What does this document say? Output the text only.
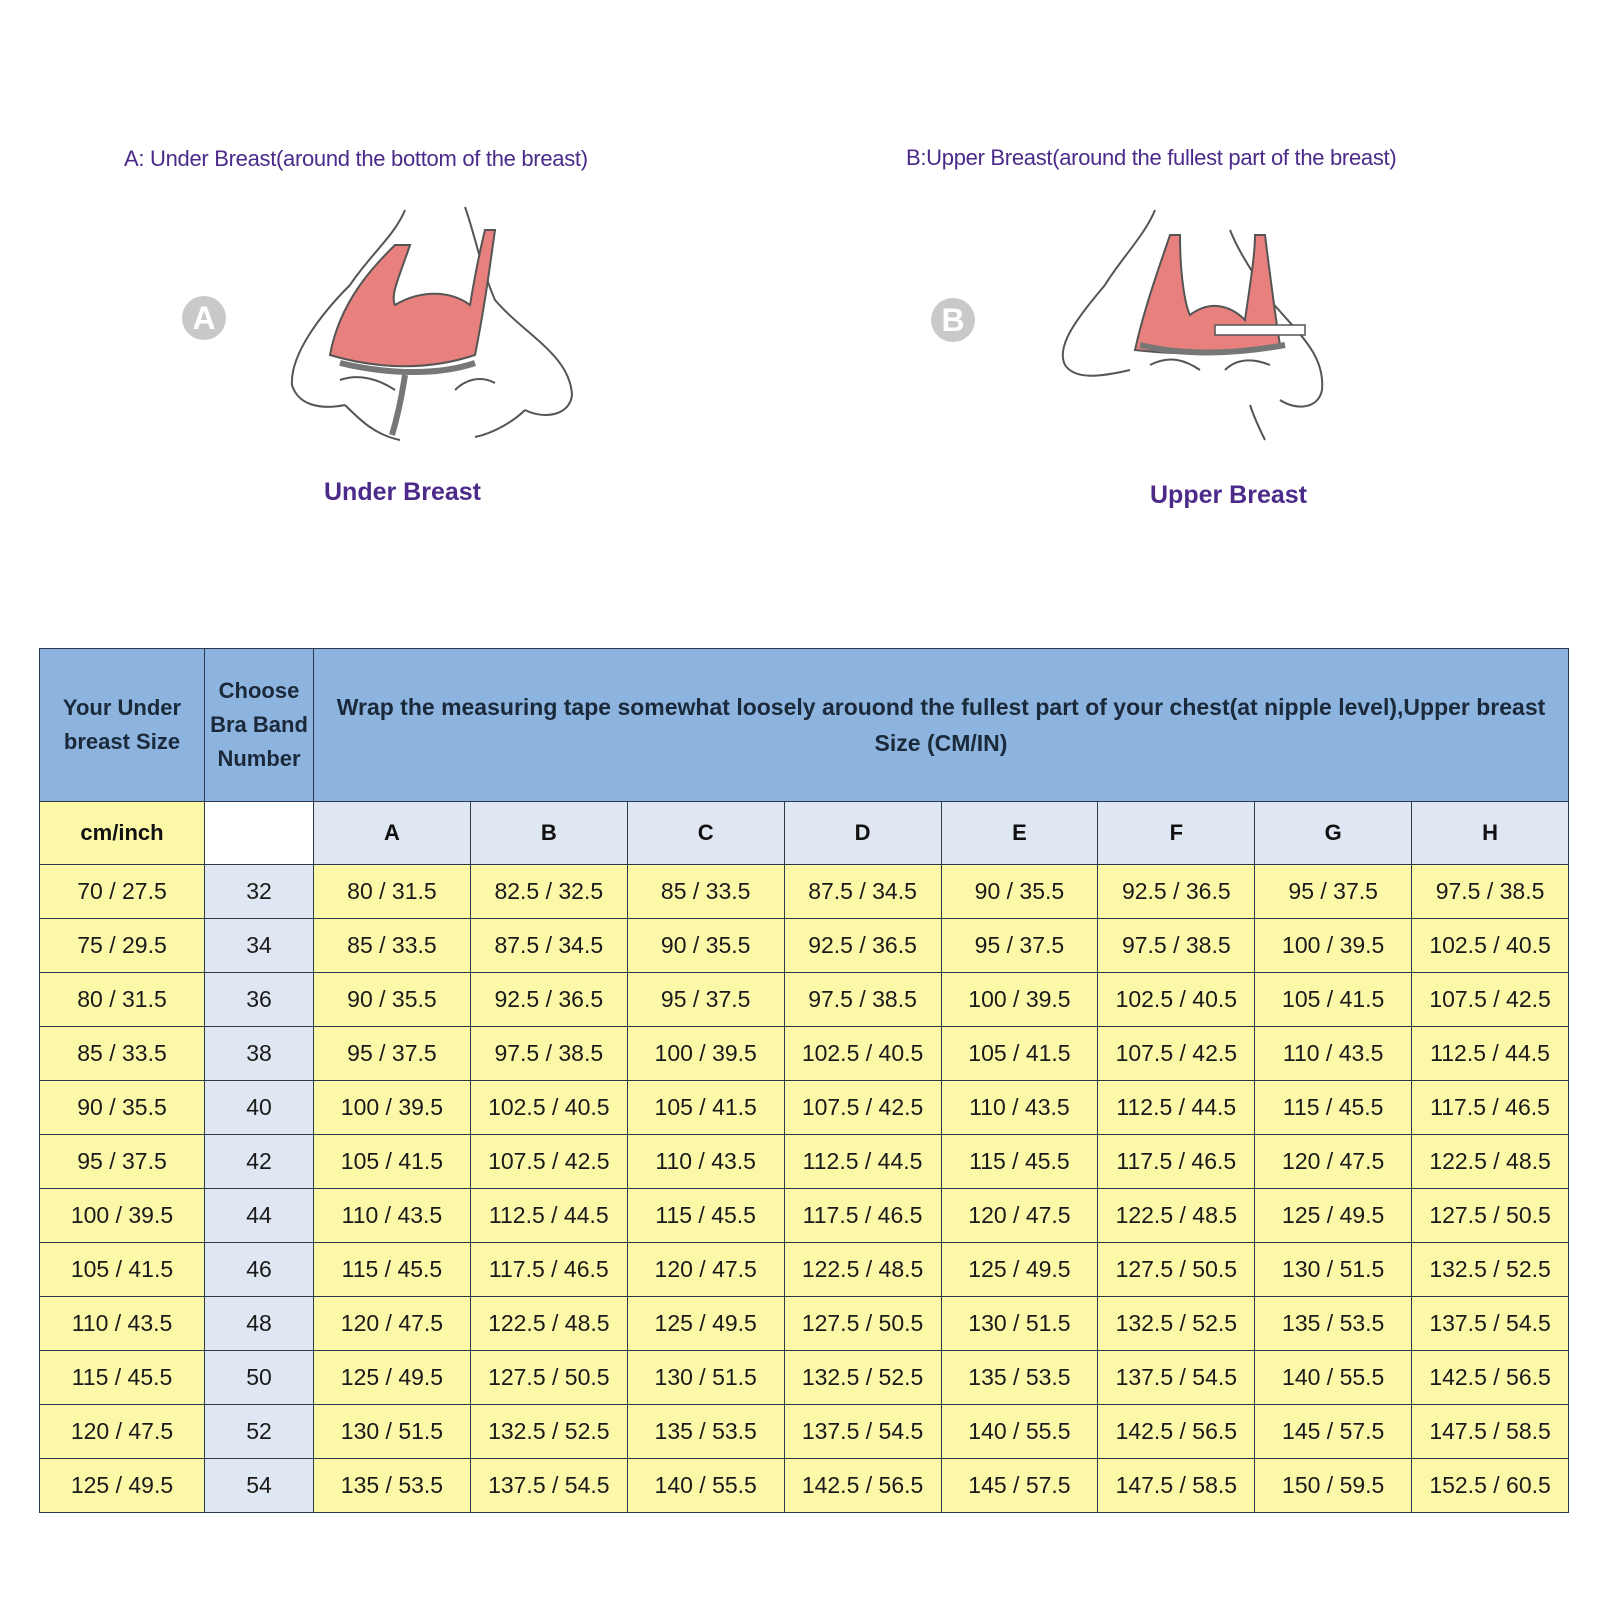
A: Under Breast(around the bottom of the breast)
A
Under Breast
B:Upper Breast(around the fullest part of the breast)
B
Upper Breast
Your Under breast Size	Choose Bra Band Number	Wrap the measuring tape somewhat loosely arouond the fullest part of your chest(at nipple level),Upper breast Size (CM/IN)							
cm/inch		A	B	C	D	E	F	G	H
70 / 27.5	32	80 / 31.5	82.5 / 32.5	85 / 33.5	87.5 / 34.5	90 / 35.5	92.5 / 36.5	95 / 37.5	97.5 / 38.5
75 / 29.5	34	85 / 33.5	87.5 / 34.5	90 / 35.5	92.5 / 36.5	95 / 37.5	97.5 / 38.5	100 / 39.5	102.5 / 40.5
80 / 31.5	36	90 / 35.5	92.5 / 36.5	95 / 37.5	97.5 / 38.5	100 / 39.5	102.5 / 40.5	105 / 41.5	107.5 / 42.5
85 / 33.5	38	95 / 37.5	97.5 / 38.5	100 / 39.5	102.5 / 40.5	105 / 41.5	107.5 / 42.5	110 / 43.5	112.5 / 44.5
90 / 35.5	40	100 / 39.5	102.5 / 40.5	105 / 41.5	107.5 / 42.5	110 / 43.5	112.5 / 44.5	115 / 45.5	117.5 / 46.5
95 / 37.5	42	105 / 41.5	107.5 / 42.5	110 / 43.5	112.5 / 44.5	115 / 45.5	117.5 / 46.5	120 / 47.5	122.5 / 48.5
100 / 39.5	44	110 / 43.5	112.5 / 44.5	115 / 45.5	117.5 / 46.5	120 / 47.5	122.5 / 48.5	125 / 49.5	127.5 / 50.5
105 / 41.5	46	115 / 45.5	117.5 / 46.5	120 / 47.5	122.5 / 48.5	125 / 49.5	127.5 / 50.5	130 / 51.5	132.5 / 52.5
110 / 43.5	48	120 / 47.5	122.5 / 48.5	125 / 49.5	127.5 / 50.5	130 / 51.5	132.5 / 52.5	135 / 53.5	137.5 / 54.5
115 / 45.5	50	125 / 49.5	127.5 / 50.5	130 / 51.5	132.5 / 52.5	135 / 53.5	137.5 / 54.5	140 / 55.5	142.5 / 56.5
120 / 47.5	52	130 / 51.5	132.5 / 52.5	135 / 53.5	137.5 / 54.5	140 / 55.5	142.5 / 56.5	145 / 57.5	147.5 / 58.5
125 / 49.5	54	135 / 53.5	137.5 / 54.5	140 / 55.5	142.5 / 56.5	145 / 57.5	147.5 / 58.5	150 / 59.5	152.5 / 60.5
